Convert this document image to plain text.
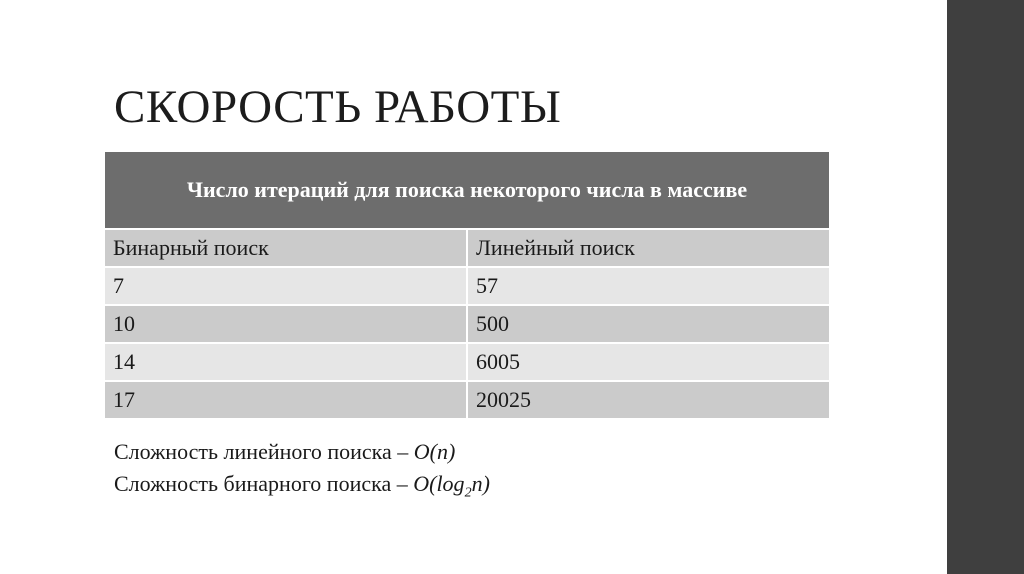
СКОРОСТЬ РАБОТЫ
Число итераций для поиска некоторого числа в массиве	
Бинарный поиск	Линейный поиск
7	57
10	500
14	6005
17	20025
Сложность линейного поиска – O(n)
Сложность бинарного поиска – $O(\log_2n)$
